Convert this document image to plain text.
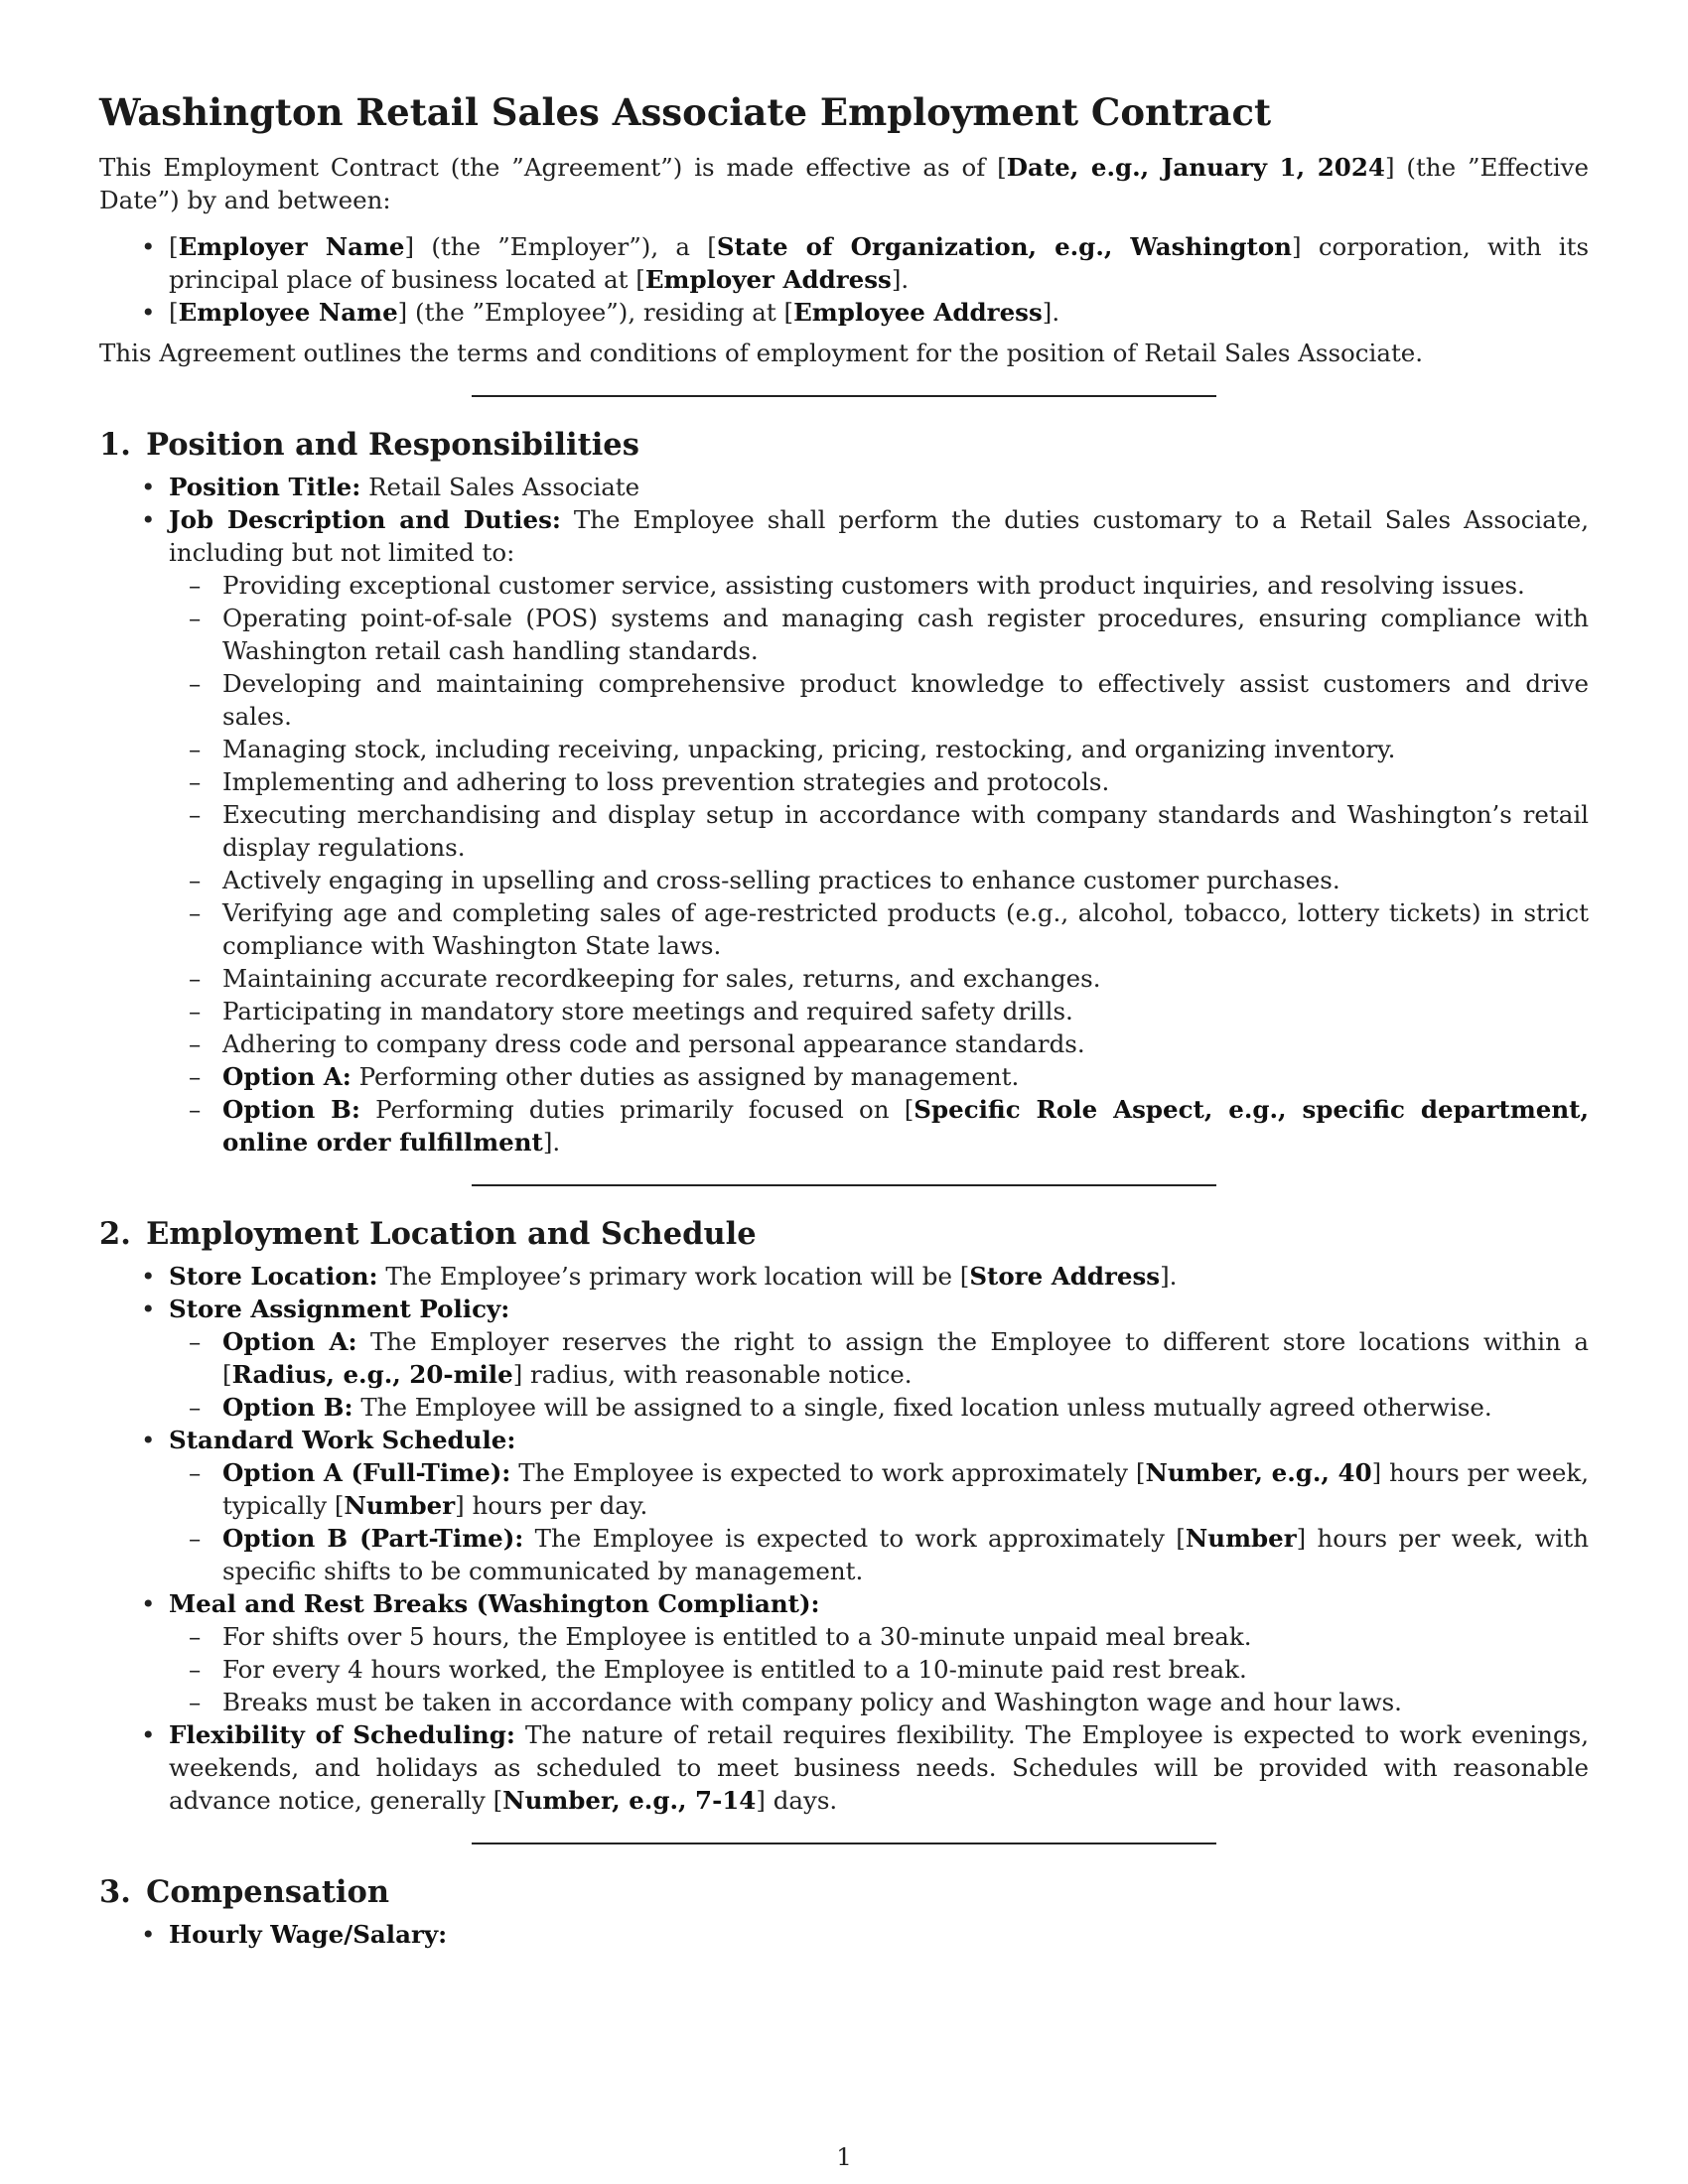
Washington Retail Sales Associate Employment Contract

This Employment Contract (the ”Agreement”) is made effective as of [Date, e.g., January 1, 2024] (the ”Effective Date”) by and between:

• [Employer Name] (the ”Employer”), a [State of Organization, e.g., Washington] corporation, with its principal place of business located at [Employer Address].
• [Employee Name] (the ”Employee”), residing at [Employee Address].

This Agreement outlines the terms and conditions of employment for the position of Retail Sales Associate.

1. Position and Responsibilities
• Position Title: Retail Sales Associate
• Job Description and Duties: The Employee shall perform the duties customary to a Retail Sales Associate, including but not limited to:
– Providing exceptional customer service, assisting customers with product inquiries, and resolving issues.
– Operating point-of-sale (POS) systems and managing cash register procedures, ensuring compliance with Washington retail cash handling standards.
– Developing and maintaining comprehensive product knowledge to effectively assist customers and drive sales.
– Managing stock, including receiving, unpacking, pricing, restocking, and organizing inventory.
– Implementing and adhering to loss prevention strategies and protocols.
– Executing merchandising and display setup in accordance with company standards and Washington’s retail display regulations.
– Actively engaging in upselling and cross-selling practices to enhance customer purchases.
– Verifying age and completing sales of age-restricted products (e.g., alcohol, tobacco, lottery tickets) in strict compliance with Washington State laws.
– Maintaining accurate recordkeeping for sales, returns, and exchanges.
– Participating in mandatory store meetings and required safety drills.
– Adhering to company dress code and personal appearance standards.
– Option A: Performing other duties as assigned by management.
– Option B: Performing duties primarily focused on [Specific Role Aspect, e.g., specific department, online order fulfillment].
2. Employment Location and Schedule
• Store Location: The Employee’s primary work location will be [Store Address].
• Store Assignment Policy:
– Option A: The Employer reserves the right to assign the Employee to different store locations within a [Radius, e.g., 20-mile] radius, with reasonable notice.
– Option B: The Employee will be assigned to a single, fixed location unless mutually agreed otherwise.
• Standard Work Schedule:
– Option A (Full-Time): The Employee is expected to work approximately [Number, e.g., 40] hours per week, typically [Number] hours per day.
– Option B (Part-Time): The Employee is expected to work approximately [Number] hours per week, with specific shifts to be communicated by management.
• Meal and Rest Breaks (Washington Compliant):
– For shifts over 5 hours, the Employee is entitled to a 30-minute unpaid meal break.
– For every 4 hours worked, the Employee is entitled to a 10-minute paid rest break.
– Breaks must be taken in accordance with company policy and Washington wage and hour laws.
• Flexibility of Scheduling: The nature of retail requires flexibility. The Employee is expected to work evenings, weekends, and holidays as scheduled to meet business needs. Schedules will be provided with reasonable advance notice, generally [Number, e.g., 7-14] days.
3. Compensation
• Hourly Wage/Salary:
1
